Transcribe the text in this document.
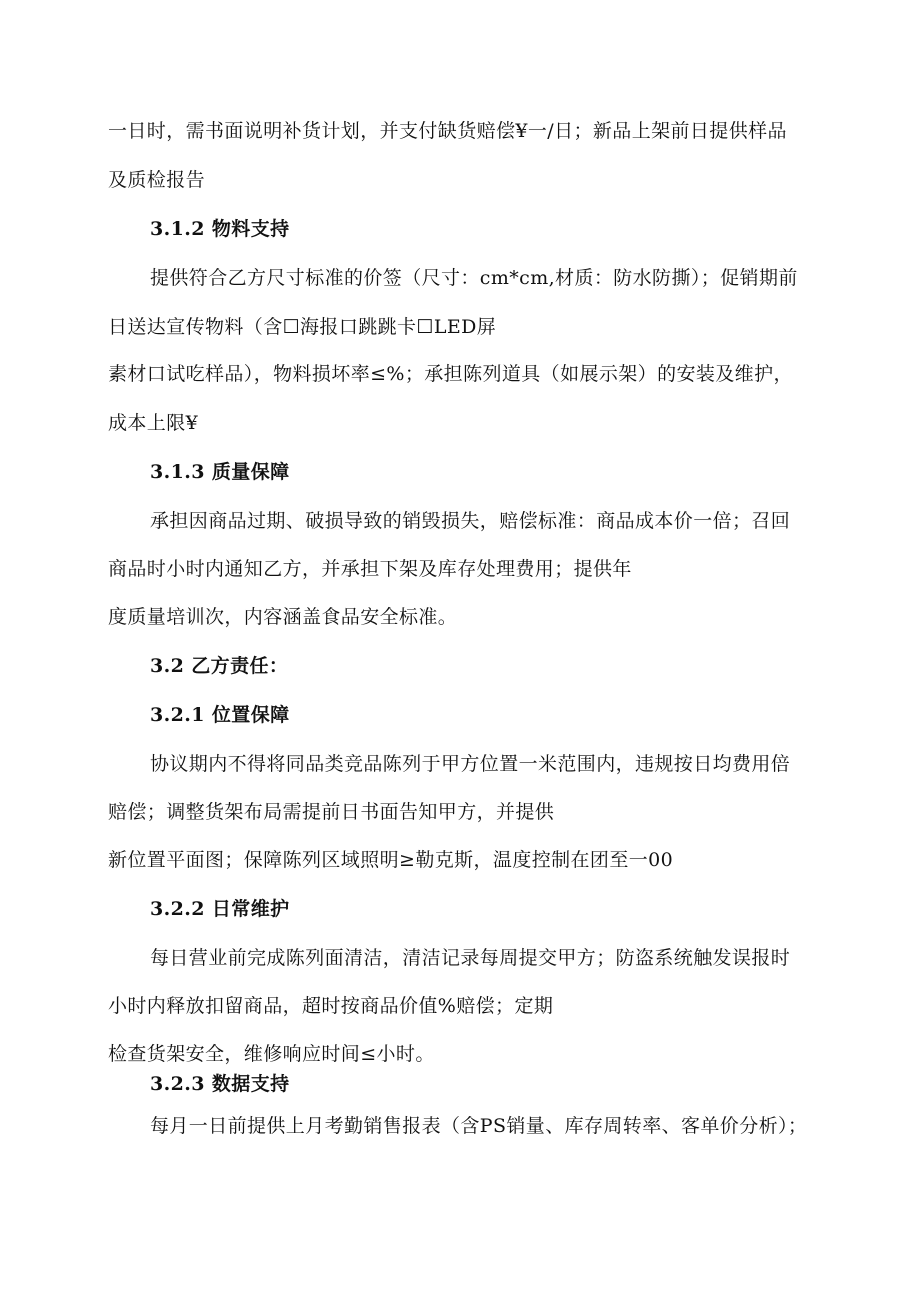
一日时，需书面说明补货计划，并支付缺货赔偿¥一/日；新品上架前日提供样品
及质检报告
3.1.2 物料支持
提供符合乙方尺寸标准的价签（尺寸：cm*cm,材质：防水防撕）；促销期前
日送达宣传物料（含☐海报口跳跳卡☐LED屏
素材口试吃样品），物料损坏率≤%；承担陈列道具（如展示架）的安装及维护，
成本上限¥
3.1.3 质量保障
承担因商品过期、破损导致的销毁损失，赔偿标准：商品成本价一倍；召回
商品时小时内通知乙方，并承担下架及库存处理费用；提供年
度质量培训次，内容涵盖食品安全标准。
3.2 乙方责任：
3.2.1 位置保障
协议期内不得将同品类竞品陈列于甲方位置一米范围内，违规按日均费用倍
赔偿；调整货架布局需提前日书面告知甲方，并提供
新位置平面图；保障陈列区域照明≥勒克斯，温度控制在团至一00
3.2.2 日常维护
每日营业前完成陈列面清洁，清洁记录每周提交甲方；防盗系统触发误报时
小时内释放扣留商品，超时按商品价值%赔偿；定期
检查货架安全，维修响应时间≤小时。
3.2.3 数据支持
每月一日前提供上月考勤销售报表（含PS销量、库存周转率、客单价分析）；
